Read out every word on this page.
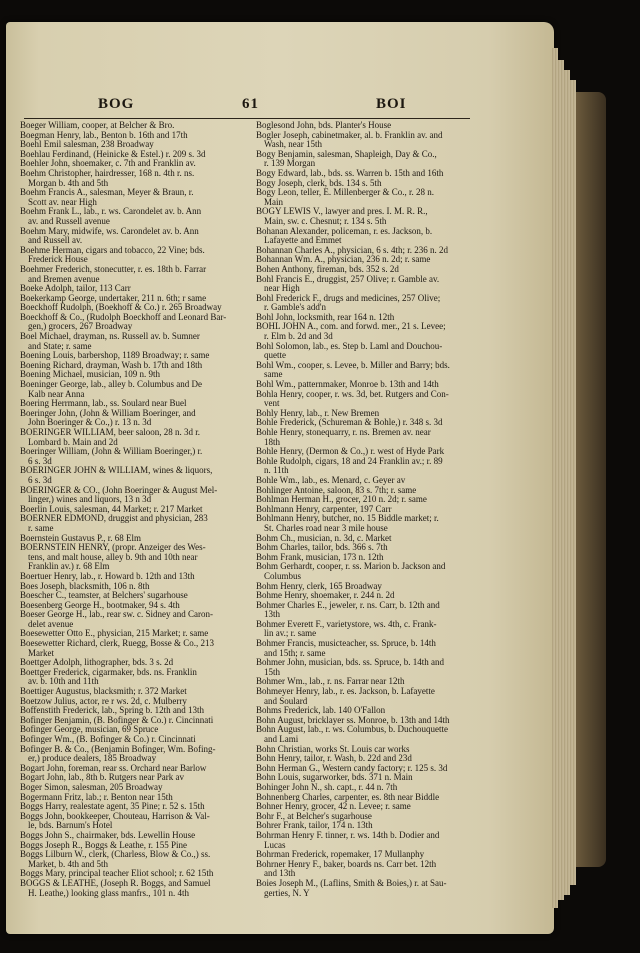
BOG	61	BOI
Boeger William, cooper, at Belcher & Bro.
Boegman Henry, lab., Benton b. 16th and 17th
Boehl Emil salesman, 238 Broadway
Boehlau Ferdinand, (Heinicke & Estel.) r. 209 s. 3d
Boehler John, shoemaker, c. 7th and Franklin av.
Boehm Christopher, hairdresser, 168 n. 4th r. ns.
Morgan b. 4th and 5th
Boehm Francis A., salesman, Meyer & Braun, r.
Scott av. near High
Boehm Frank L., lab., r. ws. Carondelet av. b. Ann
av. and Russell avenue
Boehm Mary, midwife, ws. Carondelet av. b. Ann
and Russell av.
Boehme Herman, cigars and tobacco, 22 Vine; bds.
Frederick House
Boehmer Frederich, stonecutter, r. es. 18th b. Farrar
and Bremen avenue
Boeke Adolph, tailor, 113 Carr
Boekerkamp George, undertaker, 211 n. 6th; r same
Boeckhoff Rudolph, (Boekhoff & Co.) r. 265 Broadway
Boeckhoff & Co., (Rudolph Boeckhoff and Leonard Bar-
gen,) grocers, 267 Broadway
Boel Michael, drayman, ns. Russell av. b. Sumner
and State; r. same
Boening Louis, barbershop, 1189 Broadway; r. same
Boening Richard, drayman, Wash b. 17th and 18th
Boening Michael, musician, 109 n. 9th
Boeninger George, lab., alley b. Columbus and De
Kalb near Anna
Boering Herrmann, lab., ss. Soulard near Buel
Boeringer John, (John & William Boeringer, and
John Boeringer & Co.,) r. 13 n. 3d
BOERINGER WILLIAM, beer saloon, 28 n. 3d r.
Lombard b. Main and 2d
Boeringer William, (John & William Boeringer,) r.
6 s. 3d
BOERINGER JOHN & WILLIAM, wines & liquors,
6 s. 3d
BOERINGER & CO., (John Boeringer & August Mel-
linger,) wines and liquors, 13 n 3d
Boerlin Louis, salesman, 44 Market; r. 217 Market
BOERNER EDMOND, druggist and physician, 283
r. same
Boernstein Gustavus P., r. 68 Elm
BOERNSTEIN HENRY, (propr. Anzeiger des Wes-
tens, and malt house, alley b. 9th and 10th near
Franklin av.) r. 68 Elm
Boertuer Henry, lab., r. Howard b. 12th and 13th
Boes Joseph, blacksmith, 106 n. 8th
Boescher C., teamster, at Belchers' sugarhouse
Boesenberg George H., bootmaker, 94 s. 4th
Boeser George H., lab., rear sw. c. Sidney and Caron-
delet avenue
Boesewetter Otto E., physician, 215 Market; r. same
Boesewetter Richard, clerk, Ruegg, Bosse & Co., 213
Market
Boettger Adolph, lithographer, bds. 3 s. 2d
Boettger Frederick, cigarmaker, bds. ns. Franklin
av. b. 10th and 11th
Boettiger Augustus, blacksmith; r. 372 Market
Boetzow Julius, actor, re r ws. 2d, c. Mulberry
Boffenstith Frederick, lab., Spring b. 12th and 13th
Bofinger Benjamin, (B. Bofinger & Co.) r. Cincinnati
Bofinger George, musician, 69 Spruce
Bofinger Wm., (B. Bofinger & Co.) r. Cincinnati
Bofinger B. & Co., (Benjamin Bofinger, Wm. Bofing-
er,) produce dealers, 185 Broadway
Bogart John, foreman, rear ss. Orchard near Barlow
Bogart John, lab., 8th b. Rutgers near Park av
Boger Simon, salesman, 205 Broadway
Bogermann Fritz, lab.; r. Benton near 15th
Boggs Harry, realestate agent, 35 Pine; r. 52 s. 15th
Boggs John, bookkeeper, Chouteau, Harrison & Val-
le, bds. Barnum's Hotel
Boggs John S., chairmaker, bds. Lewellin House
Boggs Joseph R., Boggs & Leathe, r. 155 Pine
Boggs Lilburn W., clerk, (Charless, Blow & Co.,) ss.
Market, b. 4th and 5th
Boggs Mary, principal teacher Eliot school; r. 62 15th
BOGGS & LEATHE, (Joseph R. Boggs, and Samuel
H. Leathe,) looking glass manfrs., 101 n. 4th
Boglesond John, bds. Planter's House
Bogler Joseph, cabinetmaker, al. b. Franklin av. and
Wash, near 15th
Bogy Benjamin, salesman, Shapleigh, Day & Co.,
r. 139 Morgan
Bogy Edward, lab., bds. ss. Warren b. 15th and 16th
Bogy Joseph, clerk, bds. 134 s. 5th
Bogy Leon, teller, E. Millenberger & Co., r. 28 n.
Main
BOGY LEWIS V., lawyer and pres. I. M. R. R.,
Main, sw. c. Chesnut; r. 134 s. 5th
Bohanan Alexander, policeman, r. es. Jackson, b.
Lafayette and Emmet
Bohannan Charles A., physician, 6 s. 4th; r. 236 n. 2d
Bohannan Wm. A., physician, 236 n. 2d; r. same
Bohen Anthony, fireman, bds. 352 s. 2d
Bohl Francis E., druggist, 257 Olive; r. Gamble av.
near High
Bohl Frederick F., drugs and medicines, 257 Olive;
r. Gamble's add'n
Bohl John, locksmith, rear 164 n. 12th
BOHL JOHN A., com. and forwd. mer., 21 s. Levee;
r. Elm b. 2d and 3d
Bohl Solomon, lab., es. Step b. Laml and Douchou-
quette
Bohl Wm., cooper, s. Levee, b. Miller and Barry; bds.
same
Bohl Wm., patternmaker, Monroe b. 13th and 14th
Bohla Henry, cooper, r. ws. 3d, bet. Rutgers and Con-
vent
Bohly Henry, lab., r. New Bremen
Bohle Frederick, (Schureman & Bohle,) r. 348 s. 3d
Bohle Henry, stonequarry, r. ns. Bremen av. near
18th
Bohle Henry, (Dermon & Co.,) r. west of Hyde Park
Bohle Rudolph, cigars, 18 and 24 Franklin av.; r. 89
n. 11th
Bohle Wm., lab., es. Menard, c. Geyer av
Bohlinger Antoine, saloon, 83 s. 7th; r. same
Bohlman Herman H., grocer, 210 n. 2d; r. same
Bohlmann Henry, carpenter, 197 Carr
Bohlmann Henry, butcher, no. 15 Biddle market; r.
St. Charles road near 3 mile house
Bohm Ch., musician, n. 3d, c. Market
Bohm Charles, tailor, bds. 366 s. 7th
Bohm Frank, musician, 173 n. 12th
Bohm Gerhardt, cooper, r. ss. Marion b. Jackson and
Columbus
Bohm Henry, clerk, 165 Broadway
Bohme Henry, shoemaker, r. 244 n. 2d
Bohmer Charles E., jeweler, r. ns. Carr, b. 12th and
13th
Bohmer Everett F., varietystore, ws. 4th, c. Frank-
lin av.; r. same
Bohmer Francis, musicteacher, ss. Spruce, b. 14th
and 15th; r. same
Bohmer John, musician, bds. ss. Spruce, b. 14th and
15th
Bohmer Wm., lab., r. ns. Farrar near 12th
Bohmeyer Henry, lab., r. es. Jackson, b. Lafayette
and Soulard
Bohms Frederick, lab. 140 O'Fallon
Bohn August, bricklayer ss. Monroe, b. 13th and 14th
Bohn August, lab., r. ws. Columbus, b. Duchouquette
and Lami
Bohn Christian, works St. Louis car works
Bohn Henry, tailor, r. Wash, b. 22d and 23d
Bohn Herman G., Western candy factory; r. 125 s. 3d
Bohn Louis, sugarworker, bds. 371 n. Main
Bohinger John N., sh. capt., r. 44 n. 7th
Bohnenberg Charles, carpenter, es. 8th near Biddle
Bohner Henry, grocer, 42 n. Levee; r. same
Bohr F., at Belcher's sugarhouse
Bohrer Frank, tailor, 174 n. 13th
Bohrman Henry F. tinner, r. ws. 14th b. Dodier and
Lucas
Bohrman Frederick, ropemaker, 17 Mullanphy
Bohrner Henry F., baker, boards ns. Carr bet. 12th
and 13th
Boies Joseph M., (Laflins, Smith & Boies,) r. at Sau-
gerties, N. Y
